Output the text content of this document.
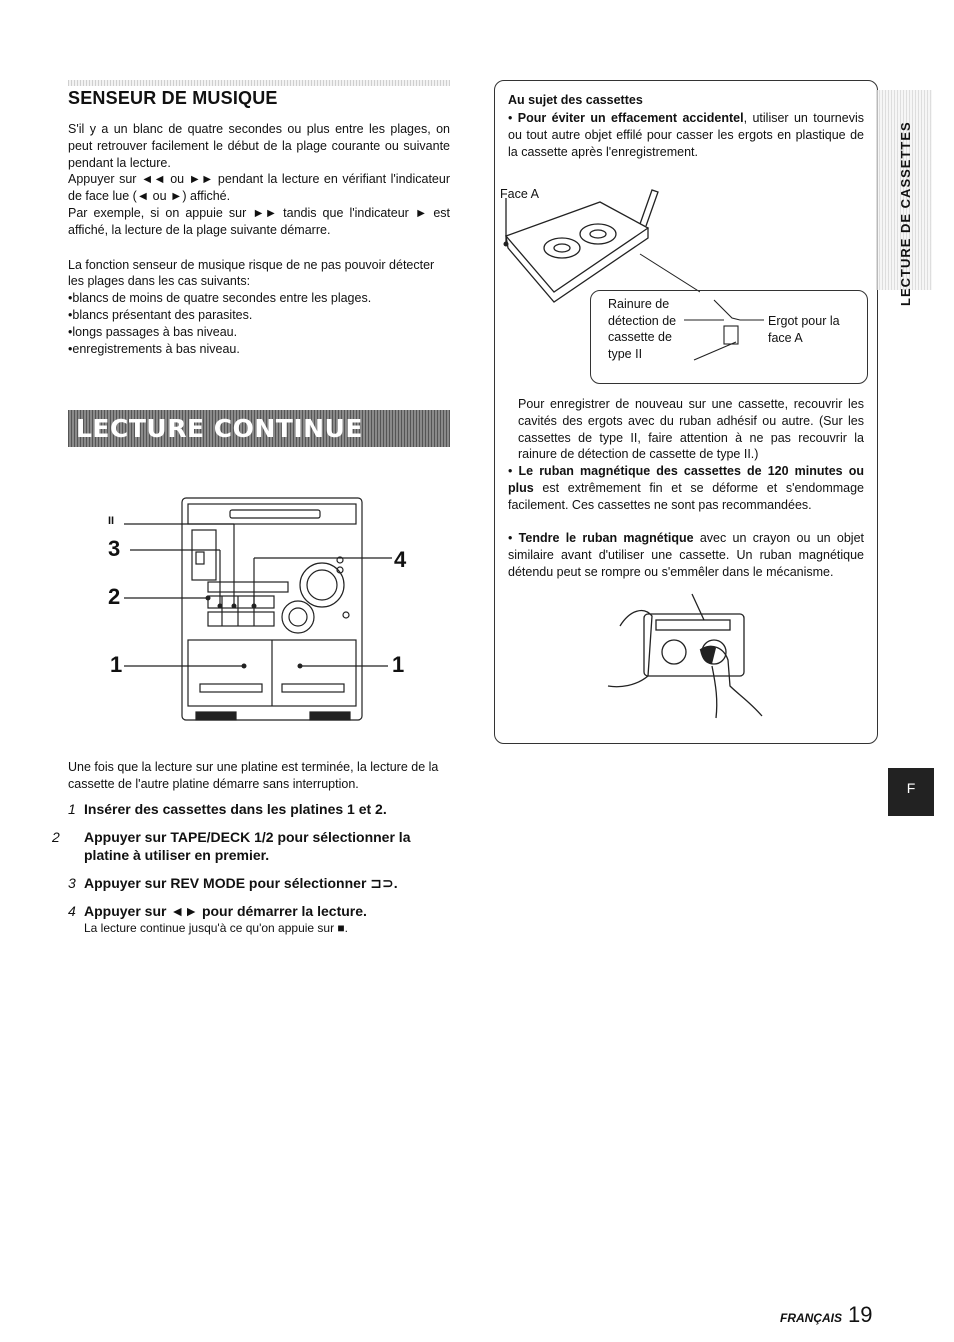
SENSEUR DE MUSIQUE

S'il y a un blanc de quatre secondes ou plus entre les plages, on peut retrouver facilement le début de la plage courante ou suivante pendant la lecture.

Appuyer sur ◄◄ ou ►► pendant la lecture en vérifiant l'indicateur de face lue (◄ ou ►) affiché.

Par exemple, si on appuie sur ►► tandis que l'indicateur ► est affiché, la lecture de la plage suivante démarre.

La fonction senseur de musique risque de ne pas pouvoir détecter les plages dans les cas suivants:

• blancs de moins de quatre secondes entre les plages.
• blancs présentant des parasites.
• longs passages à bas niveau.
• enregistrements à bas niveau.
LECTURE CONTINUE
II
3
2
1
4
1

Une fois que la lecture sur une platine est terminée, la lecture de la cassette de l'autre platine démarre sans interruption.

1 Insérer des cassettes dans les platines 1 et 2.

2 Appuyer sur TAPE/DECK 1/2 pour sélectionner la platine à utiliser en premier.

3 Appuyer sur REV MODE pour sélectionner ⊐⊃.

4 Appuyer sur ◄► pour démarrer la lecture.

La lecture continue jusqu'à ce qu'on appuie sur ■.

Au sujet des cassettes

• Pour éviter un effacement accidentel, utiliser un tournevis ou tout autre objet effilé pour casser les ergots en plastique de la cassette après l'enregistrement.

Face A
Rainure de
détection de
cassette de
type II
Ergot pour la
face A

Pour enregistrer de nouveau sur une cassette, recouvrir les cavités des ergots avec du ruban adhésif ou autre. (Sur les cassettes de type II, faire attention à ne pas recouvrir la rainure de détection de cassette de type II.)

• Le ruban magnétique des cassettes de 120 minutes ou plus est extrêmement fin et se déforme et s'endommage facilement. Ces cassettes ne sont pas recommandées.

• Tendre le ruban magnétique avec un crayon ou un objet similaire avant d'utiliser une cassette. Un ruban magnétique détendu peut se rompre ou s'emmêler dans le mécanisme.

LECTURE DE CASSETTES
F
FRANÇAIS 19
